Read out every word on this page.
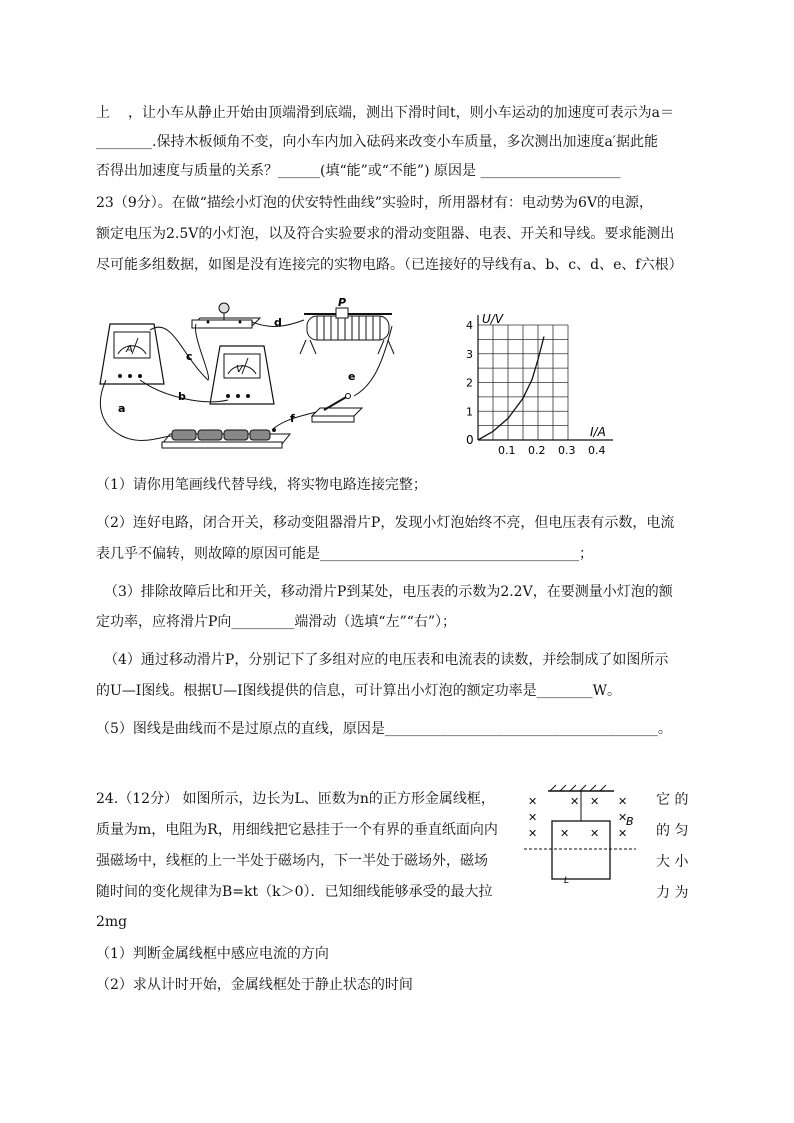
上 ，让小车从静止开始由顶端滑到底端，测出下滑时间t，则小车运动的加速度可表示为a＝
________.保持木板倾角不变，向小车内加入砝码来改变小车质量，多次测出加速度a′据此能
否得出加速度与质量的关系？______(填“能”或“不能”) 原因是 ____________________
23（9分）。在做“描绘小灯泡的伏安特性曲线”实验时，所用器材有：电动势为6V的电源，
额定电压为2.5V的小灯泡，以及符合实验要求的滑动变阻器、电表、开关和导线。要求能测出
尽可能多组数据，如图是没有连接完的实物电路。（已连接好的导线有a、b、c、d、e、f六根）
A
V
P
a
b
c
d
e
f
1
2
3
4
0.1 0.2 0.3 0.4
U/V
I/A
0
（1）请你用笔画线代替导线，将实物电路连接完整；
（2）连好电路，闭合开关，移动变阻器滑片P，发现小灯泡始终不亮，但电压表有示数，电流
表几乎不偏转，则故障的原因可能是_____________________________________；
（3）排除故障后比和开关，移动滑片P到某处，电压表的示数为2.2V，在要测量小灯泡的额
定功率，应将滑片P向_________端滑动（选填“左”“右”）；
（4）通过移动滑片P，分别记下了多组对应的电压表和电流表的读数，并绘制成了如图所示
的U—I图线。根据U—I图线提供的信息，可计算出小灯泡的额定功率是________W。
（5）图线是曲线而不是过原点的直线，原因是_______________________________________。
24.（12分） 如图所示，边长为L、匝数为n的正方形金属线框，
质量为m，电阻为R，用细线把它悬挂于一个有界的垂直纸面向内
强磁场中，线框的上一半处于磁场内，下一半处于磁场外，磁场
随时间的变化规律为B=kt（k＞0）．已知细线能够承受的最大拉
2mg
它 的
的 匀
大 小
力 为
✕	✕ ✕ ✕
✕	✕
✕ ✕ ✕ ✕
B
L
（1）判断金属线框中感应电流的方向
（2）求从计时开始，金属线框处于静止状态的时间
